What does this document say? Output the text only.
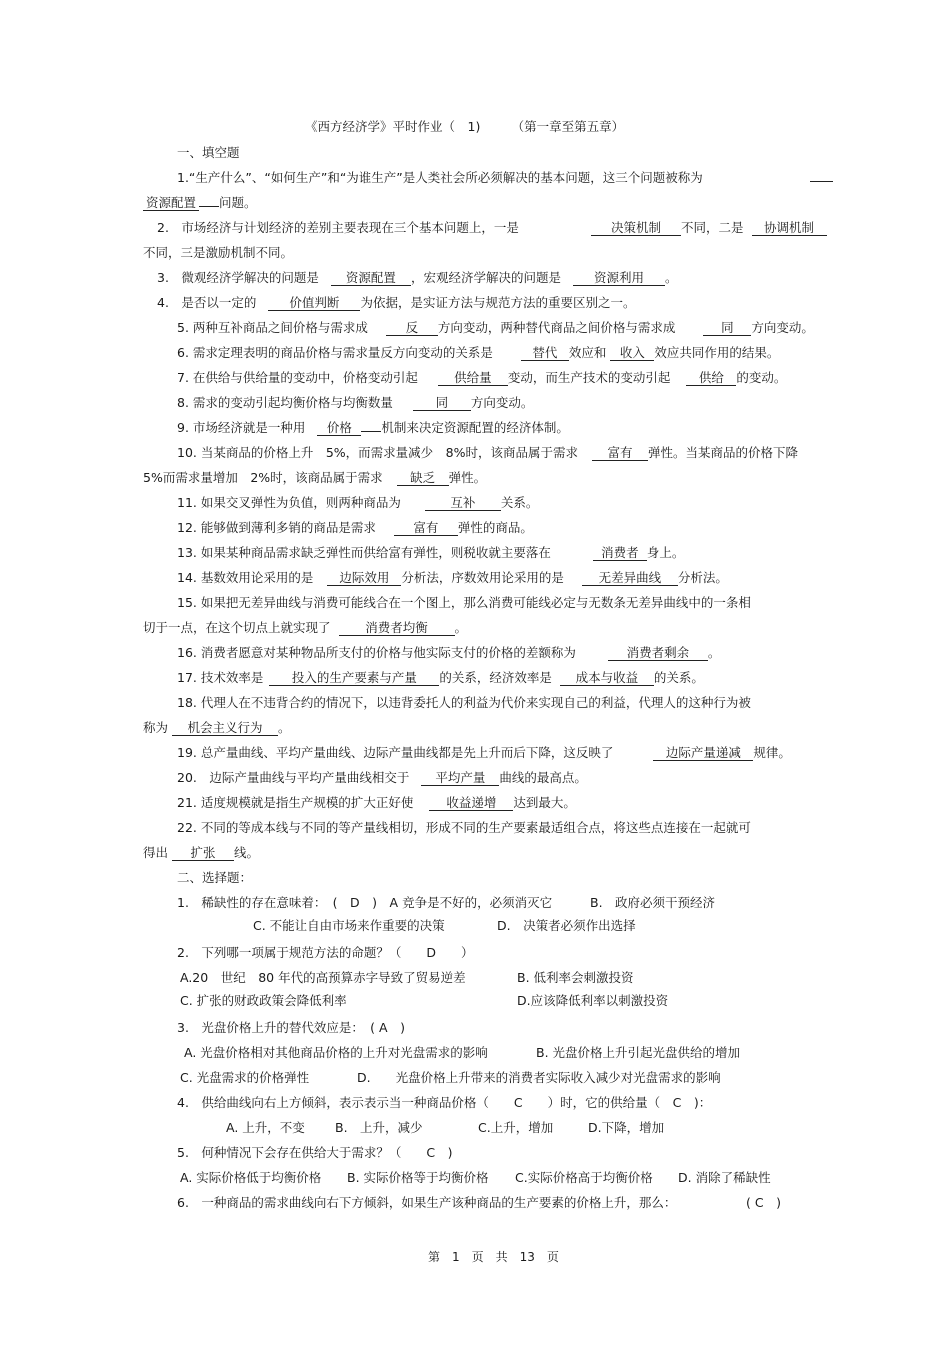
《西方经济学》平时作业（　1)　　　（第一章至第五章）
一、填空题
1.“生产什么”、“如何生产”和“为谁生产”是人类社会所必须解决的基本问题，这三个问题被称为
资源配置 问题。
2.　市场经济与计划经济的差别主要表现在三个基本问题上，一是	决策机制 不同，二是 协调机制
不同，三是激励机制不同。
3.　微观经济学解决的问题是 资源配置 ，宏观经济学解决的问题是	资源利用 。
4.　是否以一定的	价值判断 为依据，是实证方法与规范方法的重要区别之一。
5. 两种互补商品之间价格与需求成	反 方向变动，两种替代商品之间价格与需求成	同 方向变动。
6. 需求定理表明的商品价格与需求量反方向变动的关系是	替代 效应和 收入 效应共同作用的结果。
7. 在供给与供给量的变动中，价格变动引起	供给量 变动，而生产技术的变动引起 供给 的变动。
8. 需求的变动引起均衡价格与均衡数量	同 方向变动。
9. 市场经济就是一种用 价格 机制来决定资源配置的经济体制。
10. 当某商品的价格上升　5%，而需求量减少　8%时，该商品属于需求 富有 弹性。当某商品的价格下降
5%而需求量增加　2%时，该商品属于需求 缺乏 弹性。
11. 如果交叉弹性为负值，则两种商品为	互补 关系。
12. 能够做到薄利多销的商品是需求	富有 弹性的商品。
13. 如果某种商品需求缺乏弹性而供给富有弹性，则税收就主要落在	消费者 身上。
14. 基数效用论采用的是 边际效用 分析法，序数效用论采用的是	无差异曲线 分析法。
15. 如果把无差异曲线与消费可能线合在一个图上，那么消费可能线必定与无数条无差异曲线中的一条相
切于一点，在这个切点上就实现了	消费者均衡 。
16. 消费者愿意对某种物品所支付的价格与他实际支付的价格的差额称为	消费者剩余 。
17. 技术效率是 投入的生产要素与产量 的关系，经济效率是 成本与收益 的关系。
18. 代理人在不违背合约的情况下，以违背委托人的利益为代价来实现自己的利益，代理人的这种行为被
称为 机会主义行为 。
19. 总产量曲线、平均产量曲线、边际产量曲线都是先上升而后下降，这反映了	边际产量递减 规律。
20.　边际产量曲线与平均产量曲线相交于 平均产量 曲线的最高点。
21. 适度规模就是指生产规模的扩大正好使	收益递增 达到最大。
22. 不同的等成本线与不同的等产量线相切，形成不同的生产要素最适组合点，将这些点连接在一起就可
得出 扩张 线。
二、选择题：
1.　稀缺性的存在意味着：　(　D　)　A 竞争是不好的，必须消灭它	B.　政府必须干预经济
C. 不能让自由市场来作重要的决策	D.　决策者必须作出选择
2.　下列哪一项属于规范方法的命题？（　　D　　）
A.20　世纪　80 年代的高预算赤字导致了贸易逆差	B. 低利率会刺激投资
C. 扩张的财政政策会降低利率	D.应该降低利率以刺激投资
3.　光盘价格上升的替代效应是：　( A　)
A. 光盘价格相对其他商品价格的上升对光盘需求的影响	B. 光盘价格上升引起光盘供给的增加
C. 光盘需求的价格弹性	D.　　光盘价格上升带来的消费者实际收入减少对光盘需求的影响
4.　供给曲线向右上方倾斜，表示表示当一种商品价格（　　C　　）时，它的供给量（　C　)：
A. 上升，不变 B.　上升，减少	C.上升，增加	D.下降，增加
5.　何种情况下会存在供给大于需求？（　　C　)
A. 实际价格低于均衡价格 B. 实际价格等于均衡价格 C.实际价格高于均衡价格 D. 消除了稀缺性
6.　一种商品的需求曲线向右下方倾斜，如果生产该种商品的生产要素的价格上升，那么：	( C　)
第　1　页　共　13　页
